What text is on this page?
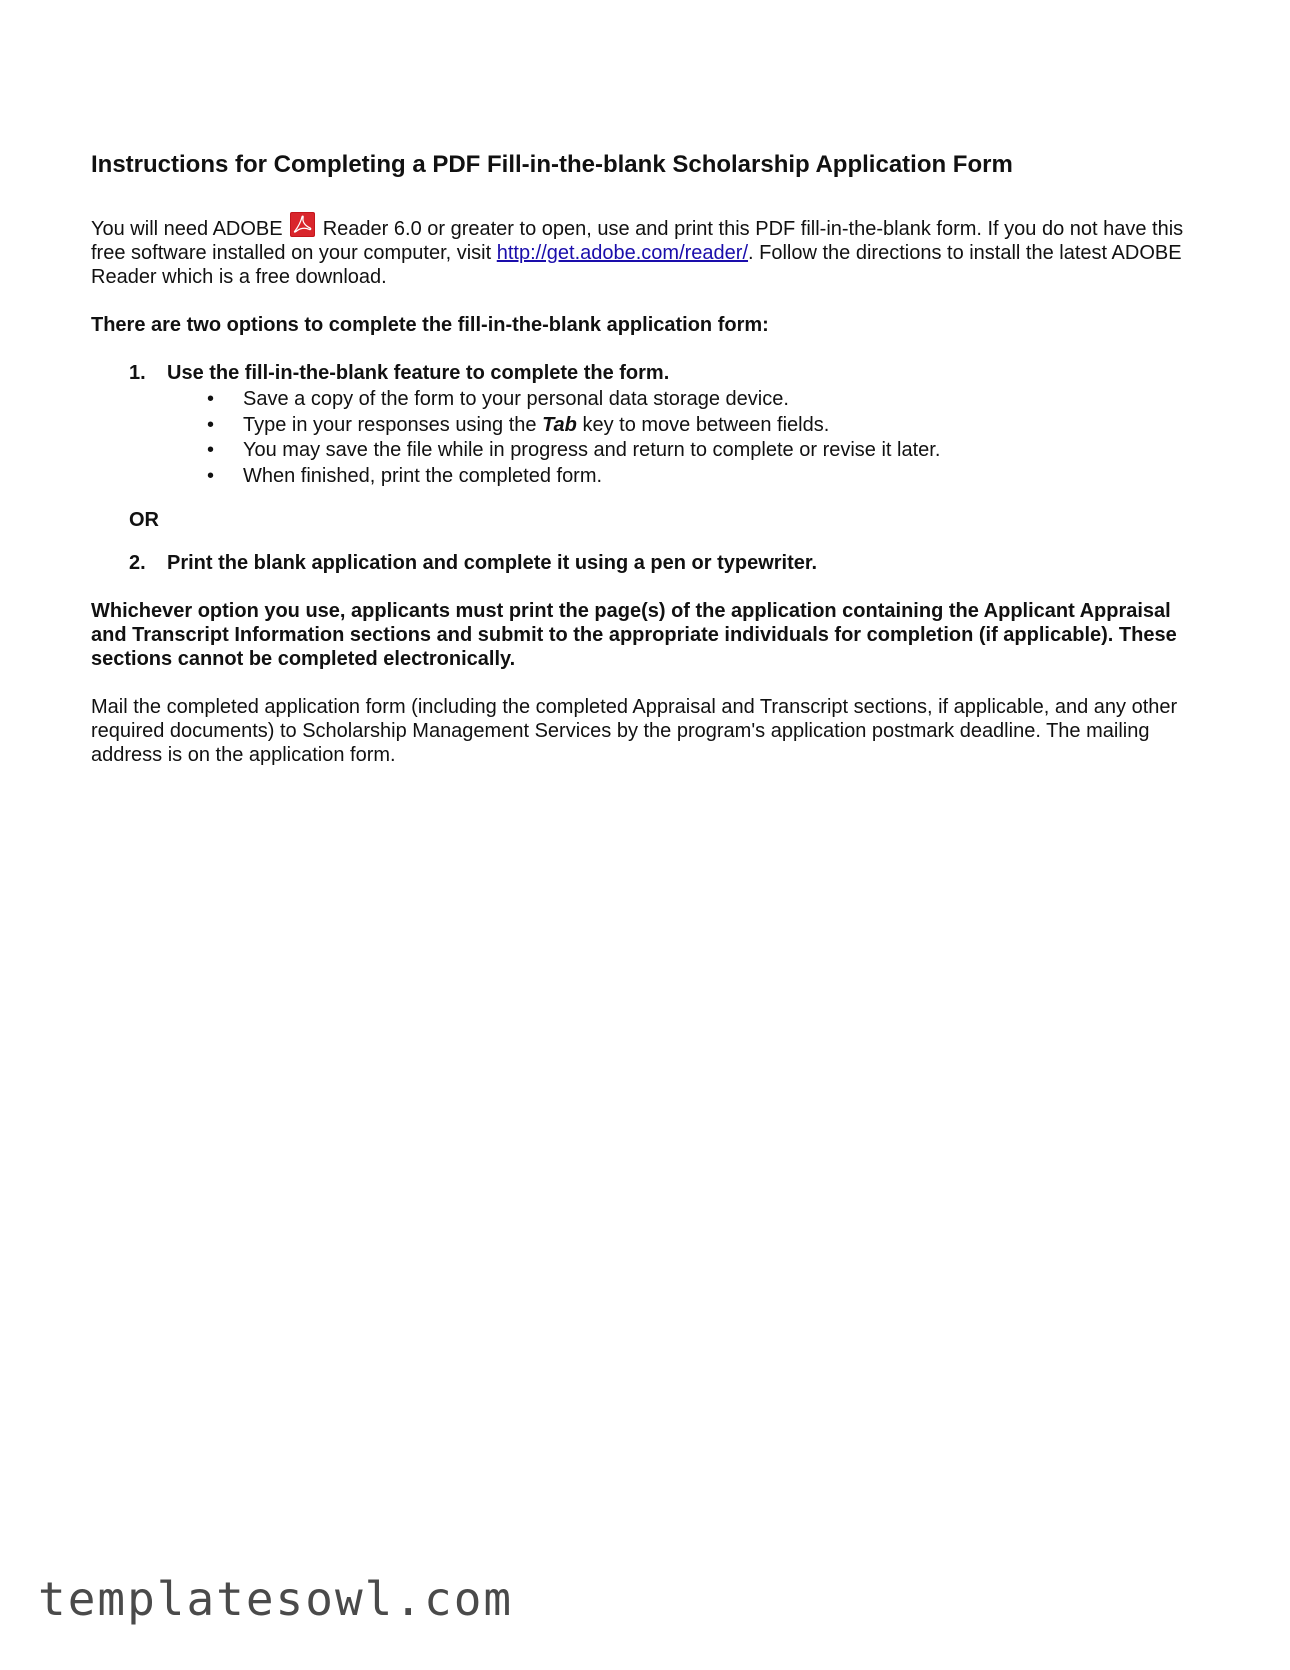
Instructions for Completing a PDF Fill-in-the-blank Scholarship Application Form

You will need ADOBE Reader 6.0 or greater to open, use and print this PDF fill-in-the-blank form. If you do not have this free software installed on your computer, visit http://get.adobe.com/reader/. Follow the directions to install the latest ADOBE Reader which is a free download.

There are two options to complete the fill-in-the-blank application form:

1. Use the fill-in-the-blank feature to complete the form.
• Save a copy of the form to your personal data storage device.
• Type in your responses using the Tab key to move between fields.
• You may save the file while in progress and return to complete or revise it later.
• When finished, print the completed form.
OR
2. Print the blank application and complete it using a pen or typewriter.

Whichever option you use, applicants must print the page(s) of the application containing the Applicant Appraisal and Transcript Information sections and submit to the appropriate individuals for completion (if applicable). These sections cannot be completed electronically.

Mail the completed application form (including the completed Appraisal and Transcript sections, if applicable, and any other required documents) to Scholarship Management Services by the program's application postmark deadline. The mailing address is on the application form.

templatesowl.com
